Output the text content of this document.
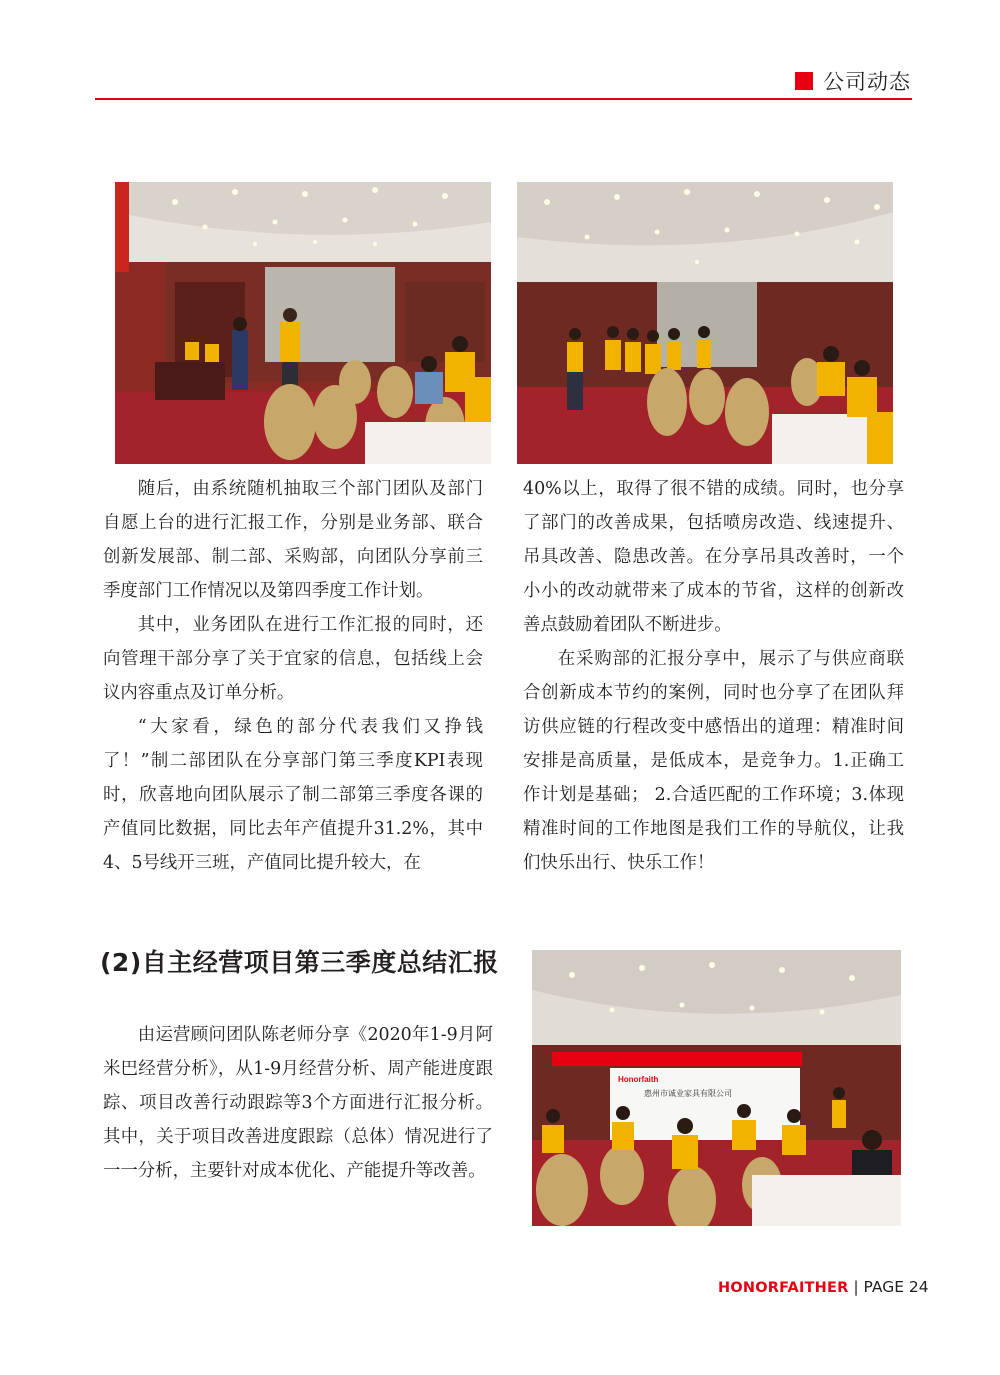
公司动态

随后，由系统随机抽取三个部门团队及部门自愿上台的进行汇报工作，分别是业务部、联合创新发展部、制二部、采购部，向团队分享前三季度部门工作情况以及第四季度工作计划。

其中，业务团队在进行工作汇报的同时，还向管理干部分享了关于宜家的信息，包括线上会议内容重点及订单分析。

“大家看，绿色的部分代表我们又挣钱了！”制二部团队在分享部门第三季度KPI表现时，欣喜地向团队展示了制二部第三季度各课的产值同比数据，同比去年产值提升31.2%，其中4、5号线开三班，产值同比提升较大，在

40%以上，取得了很不错的成绩。同时，也分享了部门的改善成果，包括喷房改造、线速提升、吊具改善、隐患改善。在分享吊具改善时，一个小小的改动就带来了成本的节省，这样的创新改善点鼓励着团队不断进步。

在采购部的汇报分享中，展示了与供应商联合创新成本节约的案例，同时也分享了在团队拜访供应链的行程改变中感悟出的道理：精准时间安排是高质量，是低成本，是竞争力。1.正确工作计划是基础； 2.合适匹配的工作环境；3.体现精准时间的工作地图是我们工作的导航仪，让我们快乐出行、快乐工作！

(2)自主经营项目第三季度总结汇报

由运营顾问团队陈老师分享《2020年1-9月阿米巴经营分析》，从1-9月经营分析、周产能进度跟踪、项目改善行动跟踪等3个方面进行汇报分析。其中，关于项目改善进度跟踪（总体）情况进行了一一分析，主要针对成本优化、产能提升等改善。

Honorfaith
惠州市诚业家具有限公司
HONORFAITHER | PAGE 24
